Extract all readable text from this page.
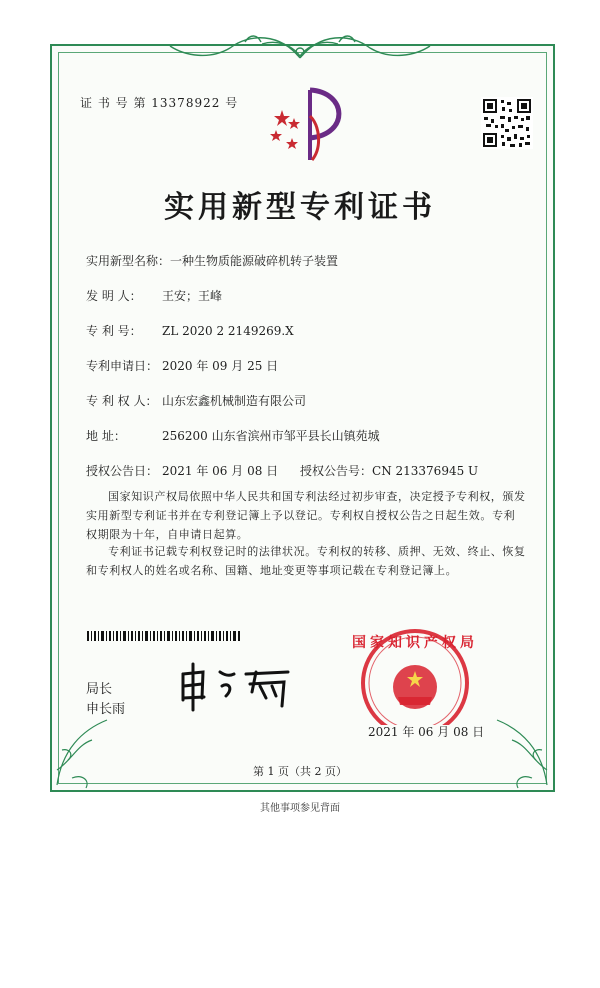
证 书 号 第 13378922 号
实用新型专利证书
实用新型名称：一种生物质能源破碎机转子装置
发 明 人： 王安；王峰
专 利 号： ZL 2020 2 2149269.X
专利申请日： 2020 年 09 月 25 日
专 利 权 人： 山东宏鑫机械制造有限公司
地 址：	256200 山东省滨州市邹平县长山镇苑城
授权公告日： 2021 年 06 月 08 日 授权公告号：CN 213376945 U
国家知识产权局依照中华人民共和国专利法经过初步审查，决定授予专利权，颁发实用新型专利证书并在专利登记簿上予以登记。专利权自授权公告之日起生效。专利权期限为十年，自申请日起算。
专利证书记载专利权登记时的法律状况。专利权的转移、质押、无效、终止、恢复和专利权人的姓名或名称、国籍、地址变更等事项记载在专利登记簿上。
局长
申长雨
国家知识产权局
2021 年 06 月 08 日
第 1 页（共 2 页）
其他事项参见背面
